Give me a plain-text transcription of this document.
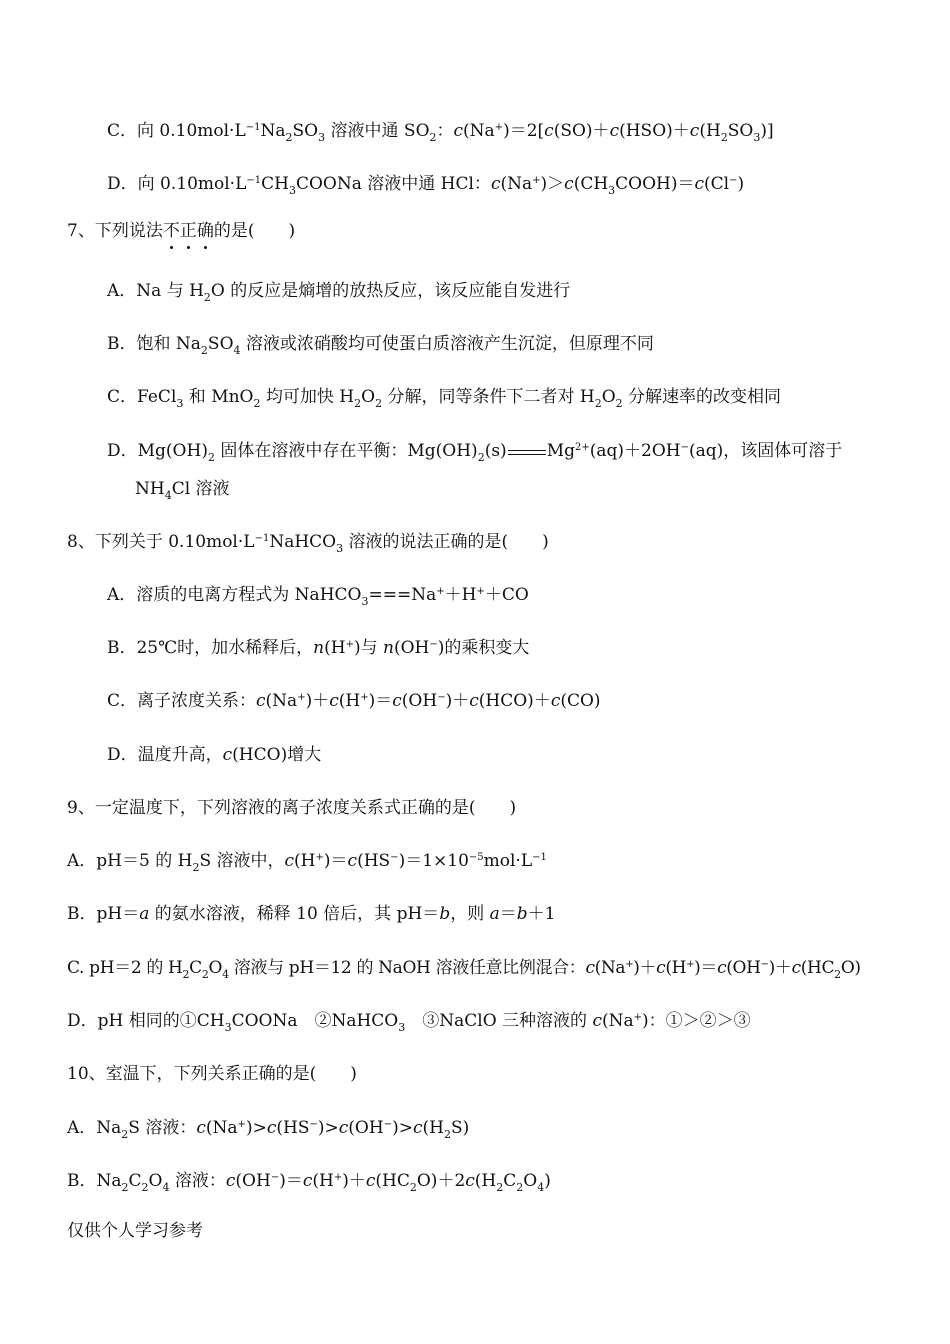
C．向 $0.10mol\cdot L^{-1}Na_2SO_3$ 溶液中通 $SO_2$：$c(Na^+)=2[c(SO)+c(HSO)+c(H_2SO_3)]$
D．向 $0.10mol\cdot L^{-1}CH_3COONa$ 溶液中通 HCl：$c(Na^+)>c(CH_3COOH)=c(Cl^-)$
7、下列说法不正确的是(　　)
A．Na 与 $H_2O$ 的反应是熵增的放热反应，该反应能自发进行
B．饱和 $Na_2SO_4$ 溶液或浓硝酸均可使蛋白质溶液产生沉淀，但原理不同
C．FeCl$_3$ 和 MnO$_2$ 均可加快 $H_2O_2$ 分解，同等条件下二者对 $H_2O_2$ 分解速率的改变相同
D．$Mg(OH)_2$ 固体在溶液中存在平衡：$Mg(OH)_2(s)$ $Mg^{2+}(aq)+2OH^-(aq)$，该固体可溶于
$NH_4Cl$ 溶液
8、下列关于 $0.10mol\cdot L^{-1}NaHCO_3$ 溶液的说法正确的是(　　)
A．溶质的电离方程式为 NaHCO$_3$===Na+＋H+＋CO
B．25℃时，加水稀释后，n(H+)与 n(OH−)的乘积变大
C．离子浓度关系：c(Na+)＋c(H+)＝c(OH−)＋c(HCO)＋c(CO)
D．温度升高，c(HCO)增大
9、一定温度下，下列溶液的离子浓度关系式正确的是(　　)
A．pH＝5 的 $H_2S$ 溶液中，$c(H^+)=c(HS^-)=1\times 10^{-5}mol\cdot L^{-1}$
B．pH＝a 的氨水溶液，稀释 10 倍后，其 pH＝b，则 a＝b＋1
C. pH＝2 的 $H_2C_2O_4$ 溶液与 pH＝12 的 NaOH 溶液任意比例混合：$c(Na^+)+c(H^+)=c(OH^-)+c(HC_2O)$
D．pH 相同的$①CH_3COONa$　②NaHCO$_3$　③NaClO 三种溶液的 c(Na+)：①＞②＞③
10、室温下，下列关系正确的是(　　)
A．$Na_2S$ 溶液：$c(Na^+)>c(HS^-)>c(OH^-)>c(H_2S)$
B．$Na_2C_2O_4$ 溶液：$c(OH^-)=c(H^+)+c(HC_2O)+2c(H_2C_2O_4)$
仅供个人学习参考
